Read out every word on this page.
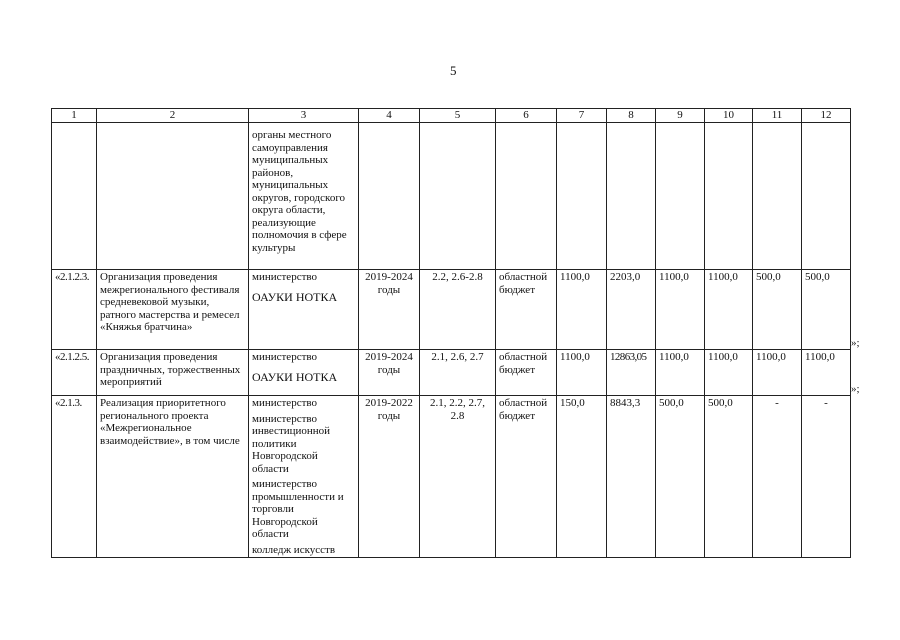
5
1	2	3	4	5	6	7	8	9	10	11	12
		органы местного самоуправления муниципальных районов, муниципальных округов, городского округа области, реализующие полномочия в сфере культуры									
«2.1.2.3.	Организация проведения межрегионального фестиваля средневековой музыки, ратного мастерства и ремесел «Княжья братчина»	министерство
ОАУКИ НОТКА	2019-2024 годы	2.2, 2.6-2.8	областной бюджет	1100,0	2203,0	1100,0	1100,0	500,0	500,0
«2.1.2.5.	Организация проведения праздничных, торжественных мероприятий	министерство
ОАУКИ НОТКА	2019-2024 годы	2.1, 2.6, 2.7	областной бюджет	1100,0	12863,05	1100,0	1100,0	1100,0	1100,0
«2.1.3.	Реализация приоритетного регионального проекта «Межрегиональное взаимодействие», в том числе	министерство
министерство инвестиционной политики Новгородской области
министерство промышленности и торговли Новгородской области
колледж искусств	2019-2022 годы	2.1, 2.2, 2.7, 2.8	областной бюджет	150,0	8843,3	500,0	500,0	-	-
»;
»;
